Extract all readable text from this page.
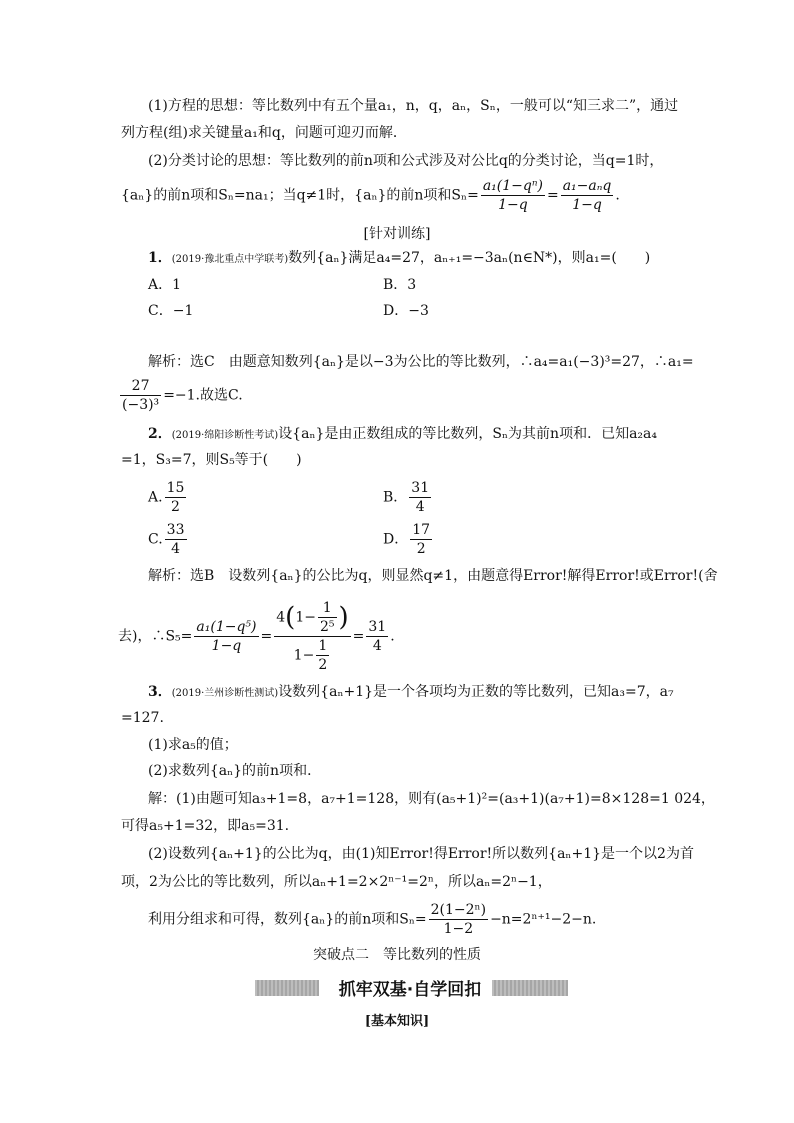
(1)方程的思想：等比数列中有五个量a₁，n，q，aₙ，Sₙ，一般可以“知三求二”，通过
列方程(组)求关键量a₁和q，问题可迎刃而解．
(2)分类讨论的思想：等比数列的前n项和公式涉及对公比q的分类讨论，当q=1时，
{aₙ}的前n项和Sₙ=na₁；当q≠1时，{aₙ}的前n项和$S_n= \frac{\text{a₁(1−qⁿ)}}{1-q} = \frac{\text{a₁−aₙq}}{1-q}$ .
[针对训练]
1．(2019·豫北重点中学联考)数列{aₙ}满足a₄=27，aₙ₊₁=−3aₙ(n∈N*)，则a₁=(　　)
A．1	B．3
C．−1	D．−3
解析：选C　由题意知数列{aₙ}是以−3为公比的等比数列，∴a₄=a₁(−3)³=27，∴a₁=
$\frac{27}{\text{(−3)³}} =-1$.故选C.
2．(2019·绵阳诊断性考试)设{aₙ}是由正数组成的等比数列，Sₙ为其前n项和．已知a₂a₄
=1，S₃=7，则S₅等于(　　)
A. $\frac{15}{2}$	B． $\frac{31}{4}$
C. $\frac{33}{4}$	D． $\frac{17}{2}$
解析：选B　设数列{aₙ}的公比为q，则显然q≠1，由题意得Error!解得Error!或Error!(舍
去)，∴S₅= $\frac{\text{a₁(1−q⁵)}}{1-q} = \frac{4(1- \frac{1}{\text{2⁵}} )}{1- \frac{1}{2}} = \frac{31}{4}$ .
3．(2019·兰州诊断性测试)设数列{aₙ+1}是一个各项均为正数的等比数列，已知a₃=7，a₇
=127.
(1)求a₅的值；
(2)求数列{aₙ}的前n项和．
解：(1)由题可知a₃+1=8，a₇+1=128，则有(a₅+1)²=(a₃+1)(a₇+1)=8×128=1 024，
可得a₅+1=32，即a₅=31.
(2)设数列{aₙ+1}的公比为q，由(1)知Error!得Error!所以数列{aₙ+1}是一个以2为首
项，2为公比的等比数列，所以aₙ+1=2×2ⁿ⁻¹=2ⁿ，所以aₙ=2ⁿ−1，
利用分组求和可得，数列{aₙ}的前n项和$S_n= \frac{\text{2(1−2ⁿ)}}{1-2} -n=2^{n+1}-2-n$.
突破点二　等比数列的性质
抓牢双基·自学回扣
[基本知识]
